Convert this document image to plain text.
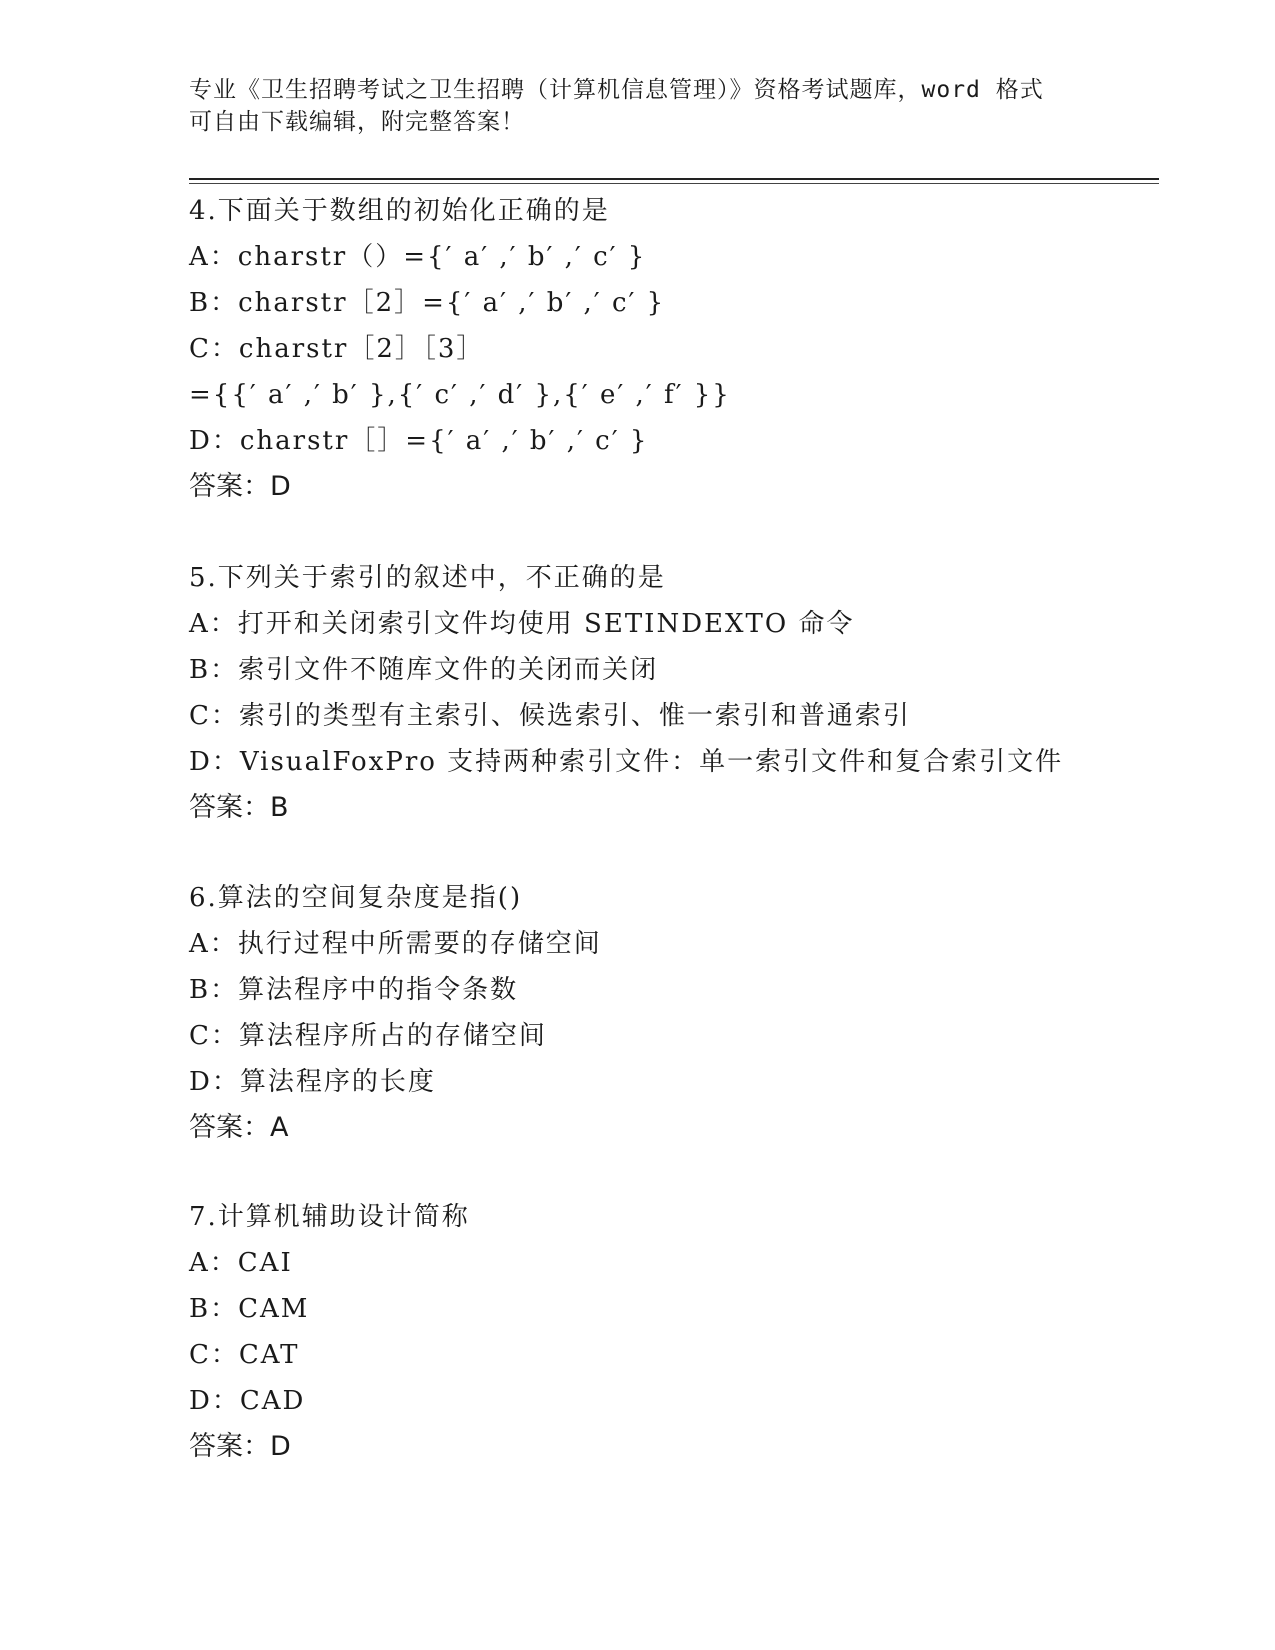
专业《卫生招聘考试之卫生招聘（计算机信息管理）》资格考试题库，word 格式
可自由下载编辑，附完整答案！
4.下面关于数组的初始化正确的是
A：charstr（）={′ a′ ,′ b′ ,′ c′ }
B：charstr［2］={′ a′ ,′ b′ ,′ c′ }
C：charstr［2］［3］
={{′ a′ ,′ b′ },{′ c′ ,′ d′ },{′ e′ ,′ f′ }}
D：charstr［］={′ a′ ,′ b′ ,′ c′ }
答案：D
5.下列关于索引的叙述中，不正确的是
A：打开和关闭索引文件均使用 SETINDEXTO 命令
B：索引文件不随库文件的关闭而关闭
C：索引的类型有主索引、候选索引、惟一索引和普通索引
D：VisualFoxPro 支持两种索引文件：单一索引文件和复合索引文件
答案：B
6.算法的空间复杂度是指()
A：执行过程中所需要的存储空间
B：算法程序中的指令条数
C：算法程序所占的存储空间
D：算法程序的长度
答案：A
7.计算机辅助设计简称
A：CAI
B：CAM
C：CAT
D：CAD
答案：D
